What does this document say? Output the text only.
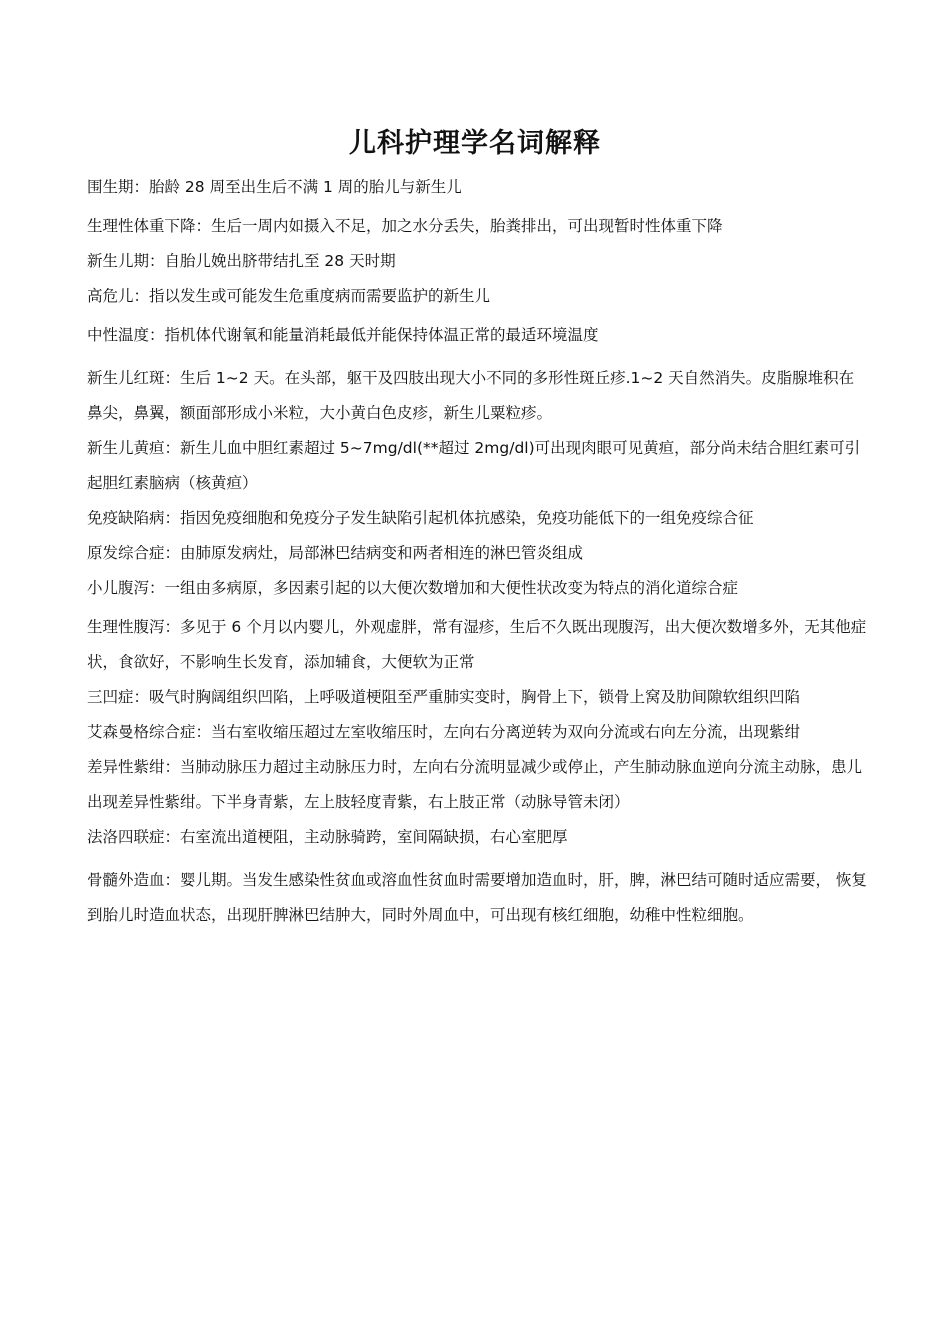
儿科护理学名词解释

围生期：胎龄 28 周至出生后不满 1 周的胎儿与新生儿

生理性体重下降：生后一周内如摄入不足，加之水分丢失，胎粪排出，可出现暂时性体重下降

新生儿期：自胎儿娩出脐带结扎至 28 天时期

高危儿：指以发生或可能发生危重度病而需要监护的新生儿

中性温度：指机体代谢氧和能量消耗最低并能保持体温正常的最适环境温度

新生儿红斑：生后 1~2 天。在头部，躯干及四肢出现大小不同的多形性斑丘疹.1~2 天自然消失。皮脂腺堆积在鼻尖，鼻翼，额面部形成小米粒，大小黄白色皮疹，新生儿粟粒疹。

新生儿黄疸：新生儿血中胆红素超过 5~7mg/dl(**超过 2mg/dl)可出现肉眼可见黄疸，部分尚未结合胆红素可引起胆红素脑病（核黄疸）

免疫缺陷病：指因免疫细胞和免疫分子发生缺陷引起机体抗感染，免疫功能低下的一组免疫综合征

原发综合症：由肺原发病灶，局部淋巴结病变和两者相连的淋巴管炎组成

小儿腹泻：一组由多病原，多因素引起的以大便次数增加和大便性状改变为特点的消化道综合症

生理性腹泻：多见于 6 个月以内婴儿，外观虚胖，常有湿疹，生后不久既出现腹泻，出大便次数增多外，无其他症状，食欲好，不影响生长发育，添加辅食，大便软为正常

三凹症：吸气时胸阔组织凹陷，上呼吸道梗阻至严重肺实变时，胸骨上下，锁骨上窝及肋间隙软组织凹陷

艾森曼格综合症：当右室收缩压超过左室收缩压时，左向右分离逆转为双向分流或右向左分流，出现紫绀

差异性紫绀：当肺动脉压力超过主动脉压力时，左向右分流明显减少或停止，产生肺动脉血逆向分流主动脉，患儿出现差异性紫绀。下半身青紫，左上肢轻度青紫，右上肢正常（动脉导管未闭）

法洛四联症：右室流出道梗阻，主动脉骑跨，室间隔缺损，右心室肥厚

骨髓外造血：婴儿期。当发生感染性贫血或溶血性贫血时需要增加造血时，肝，脾，淋巴结可随时适应需要， 恢复到胎儿时造血状态，出现肝脾淋巴结肿大，同时外周血中，可出现有核红细胞，幼稚中性粒细胞。
